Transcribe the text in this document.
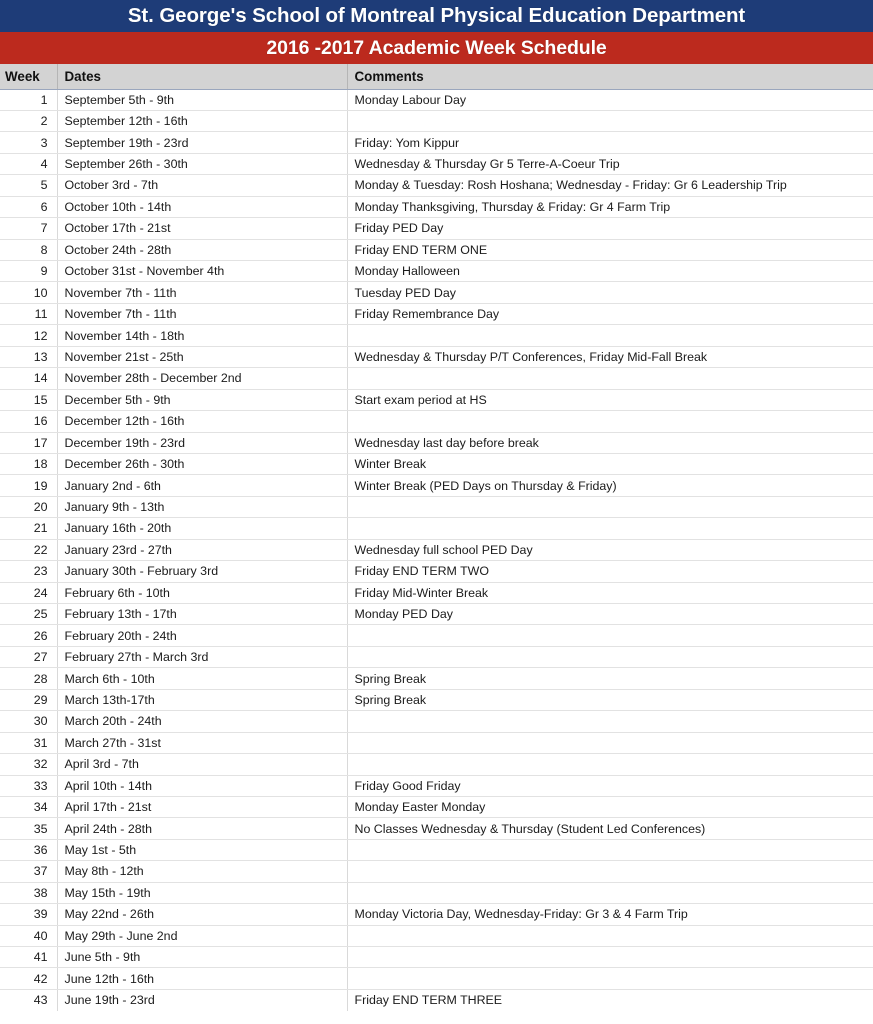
St. George's School of Montreal Physical Education Department
2016 -2017 Academic Week Schedule
Week	Dates	Comments
1	September 5th - 9th	Monday Labour Day
2	September 12th - 16th	
3	September 19th - 23rd	Friday: Yom Kippur
4	September 26th - 30th	Wednesday & Thursday Gr 5 Terre-A-Coeur Trip
5	October 3rd - 7th	Monday & Tuesday: Rosh Hoshana; Wednesday - Friday: Gr 6 Leadership Trip
6	October 10th - 14th	Monday Thanksgiving, Thursday & Friday: Gr 4 Farm Trip
7	October 17th - 21st	Friday PED Day
8	October 24th - 28th	Friday END TERM ONE
9	October 31st - November 4th	Monday Halloween
10	November 7th - 11th	Tuesday PED Day
11	November 7th - 11th	Friday Remembrance Day
12	November 14th - 18th	
13	November 21st - 25th	Wednesday & Thursday P/T Conferences, Friday Mid-Fall Break
14	November 28th - December 2nd	
15	December 5th - 9th	Start exam period at HS
16	December 12th - 16th	
17	December 19th - 23rd	Wednesday last day before break
18	December 26th - 30th	Winter Break
19	January 2nd - 6th	Winter Break (PED Days on Thursday & Friday)
20	January 9th - 13th	
21	January 16th - 20th	
22	January 23rd - 27th	Wednesday full school PED Day
23	January 30th - February 3rd	Friday END TERM TWO
24	February 6th - 10th	Friday Mid-Winter Break
25	February 13th - 17th	Monday PED Day
26	February 20th - 24th	
27	February 27th - March 3rd	
28	March 6th - 10th	Spring Break
29	March 13th-17th	Spring Break
30	March 20th - 24th	
31	March 27th - 31st	
32	April 3rd - 7th	
33	April 10th - 14th	Friday Good Friday
34	April 17th - 21st	Monday Easter Monday
35	April 24th - 28th	No Classes Wednesday & Thursday (Student Led Conferences)
36	May 1st - 5th	
37	May 8th - 12th	
38	May 15th - 19th	
39	May 22nd - 26th	Monday Victoria Day, Wednesday-Friday: Gr 3 & 4 Farm Trip
40	May 29th - June 2nd	
41	June 5th - 9th	
42	June 12th - 16th	
43	June 19th - 23rd	Friday END TERM THREE
